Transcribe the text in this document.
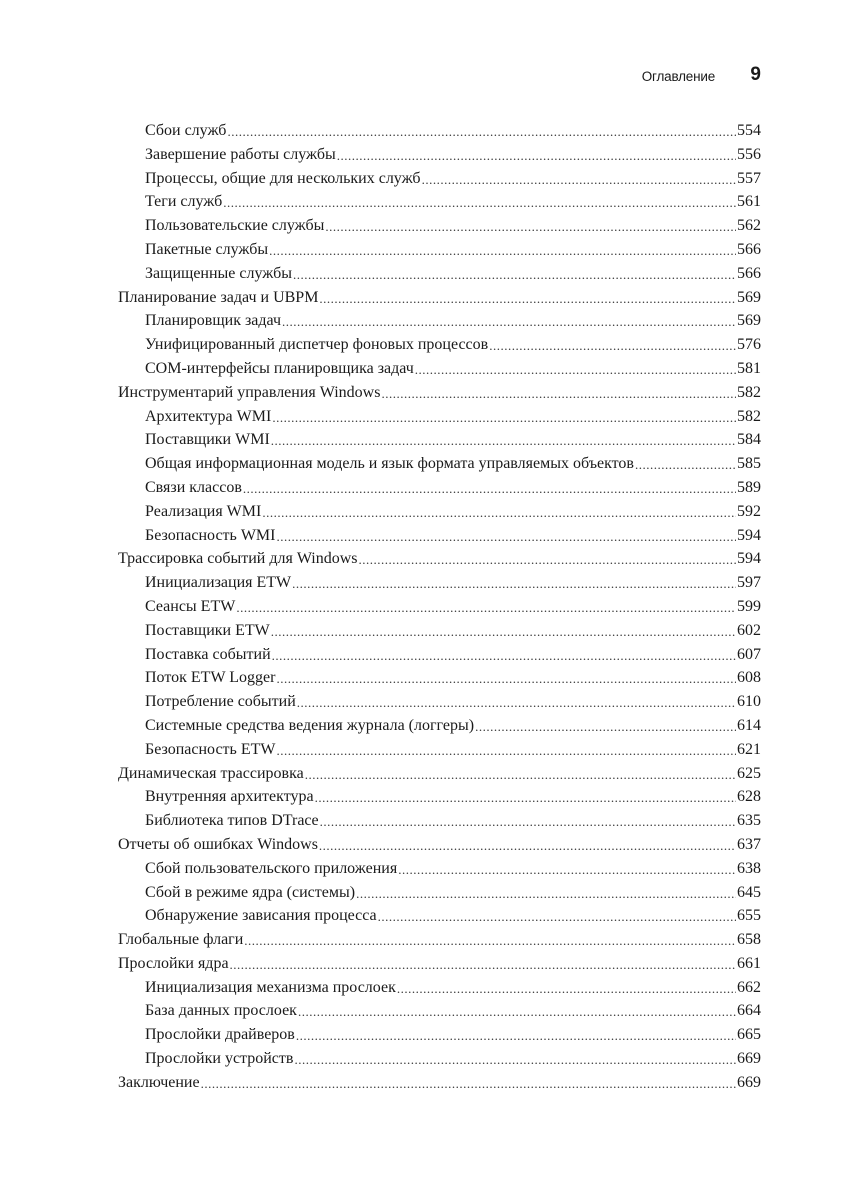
Оглавление 9
Сбои служб .....	554
Завершение работы службы .....	556
Процессы, общие для нескольких служб .....	557
Теги служб .....	561
Пользовательские службы .....	562
Пакетные службы .....	566
Защищенные службы .....	566
Планирование задач и UBPM .....	569
Планировщик задач .....	569
Унифицированный диспетчер фоновых процессов .....	576
COM-интерфейсы планировщика задач .....	581
Инструментарий управления Windows .....	582
Архитектура WMI .....	582
Поставщики WMI .....	584
Общая информационная модель и язык формата управляемых объектов .....	585
Связи классов .....	589
Реализация WMI .....	592
Безопасность WMI .....	594
Трассировка событий для Windows .....	594
Инициализация ETW .....	597
Сеансы ETW .....	599
Поставщики ETW .....	602
Поставка событий .....	607
Поток ETW Logger .....	608
Потребление событий .....	610
Системные средства ведения журнала (логгеры) .....	614
Безопасность ETW .....	621
Динамическая трассировка .....	625
Внутренняя архитектура .....	628
Библиотека типов DTrace .....	635
Отчеты об ошибках Windows .....	637
Сбой пользовательского приложения .....	638
Сбой в режиме ядра (системы) .....	645
Обнаружение зависания процесса .....	655
Глобальные флаги .....	658
Прослойки ядра .....	661
Инициализация механизма прослоек .....	662
База данных прослоек .....	664
Прослойки драйверов .....	665
Прослойки устройств .....	669
Заключение .....	669
